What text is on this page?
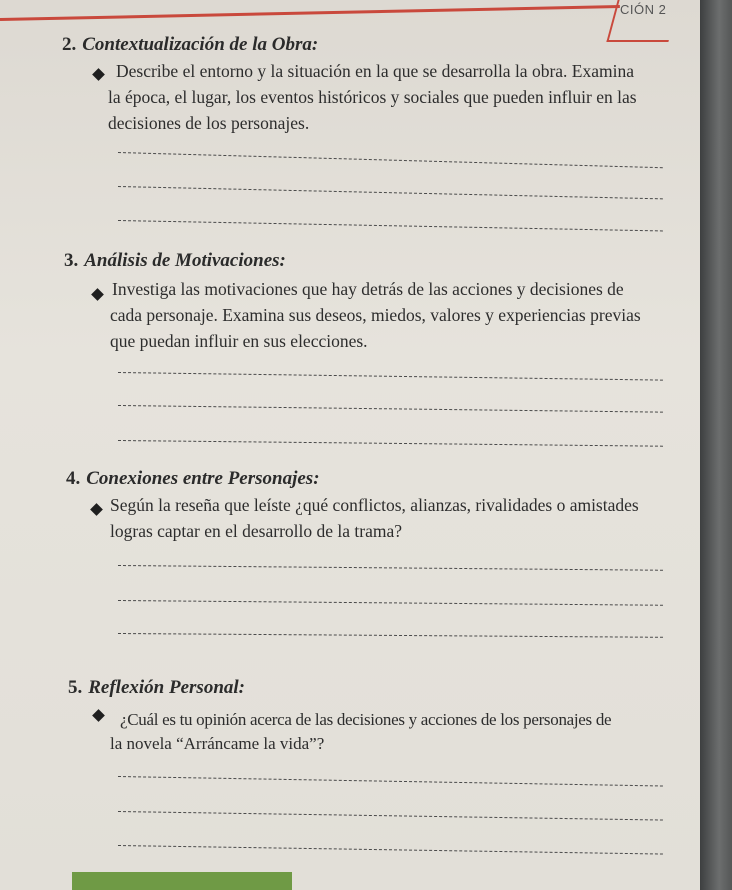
CIÓN 2
2. Contextualización de la Obra:
Describe el entorno y la situación en la que se desarrolla la obra. Examina
la época, el lugar, los eventos históricos y sociales que pueden influir en las
decisiones de los personajes.
3. Análisis de Motivaciones:
Investiga las motivaciones que hay detrás de las acciones y decisiones de
cada personaje. Examina sus deseos, miedos, valores y experiencias previas
que puedan influir en sus elecciones.
4. Conexiones entre Personajes:
Según la reseña que leíste ¿qué conflictos, alianzas, rivalidades o amistades
logras captar en el desarrollo de la trama?
5. Reflexión Personal:
¿Cuál es tu opinión acerca de las decisiones y acciones de los personajes de
la novela “Arráncame la vida”?
